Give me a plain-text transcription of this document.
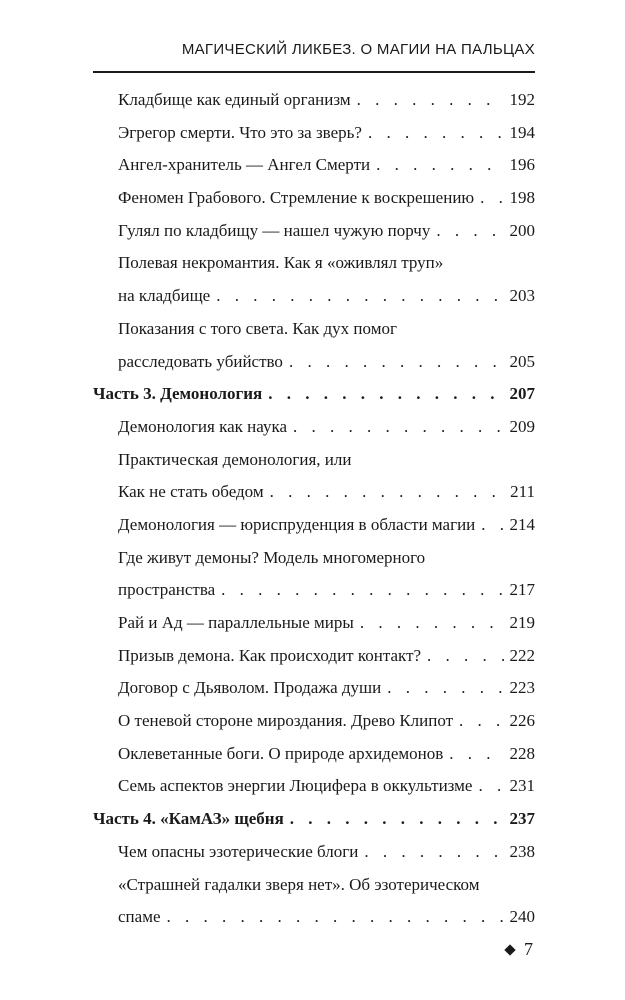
МАГИЧЕСКИЙ ЛИКБЕЗ. О МАГИИ НА ПАЛЬЦАХ
Кладбище как единый организм . . .	192
Эгрегор смерти. Что это за зверь? . . .	194
Ангел-хранитель — Ангел Смерти . . .	196
Феномен Грабового. Стремление к воскрешению . . . 198
Гулял по кладбищу — нашел чужую порчу . . .	200
Полевая некромантия. Как я «оживлял труп»
на кладбище . . .	203
Показания с того света. Как дух помог
расследовать убийство . . .	205
Часть 3. Демонология . . .	207
Демонология как наука . . .	209
Практическая демонология, или
Как не стать обедом . . .	211
Демонология — юриспруденция в области магии . . . 214
Где живут демоны? Модель многомерного
пространства . . .	217
Рай и Ад — параллельные миры . . .	219
Призыв демона. Как происходит контакт? . . .	222
Договор с Дьяволом. Продажа души . . .	223
О теневой стороне мироздания. Древо Клипот . . .	226
Оклеветанные боги. О природе архидемонов . . .	228
Семь аспектов энергии Люцифера в оккультизме . . . 231
Часть 4. «КамАЗ» щебня . . .	237
Чем опасны эзотерические блоги . . .	238
«Страшней гадалки зверя нет». Об эзотерическом
спаме . . .	240
7
